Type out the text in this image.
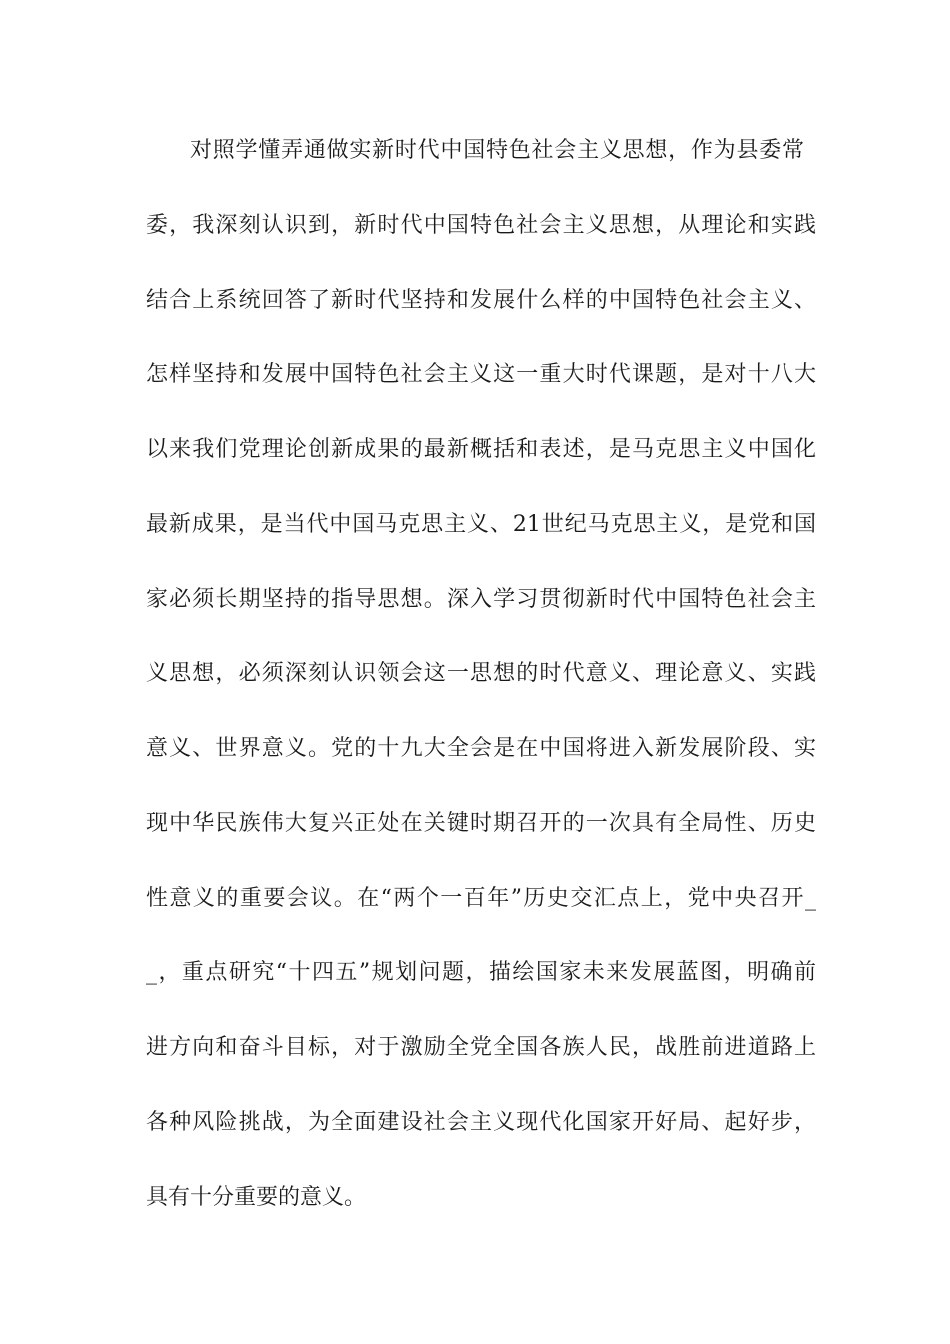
对照学懂弄通做实新时代中国特色社会主义思想，作为县委常
委，我深刻认识到，新时代中国特色社会主义思想，从理论和实践
结合上系统回答了新时代坚持和发展什么样的中国特色社会主义、
怎样坚持和发展中国特色社会主义这一重大时代课题，是对十八大
以来我们党理论创新成果的最新概括和表述，是马克思主义中国化
最新成果，是当代中国马克思主义、21世纪马克思主义，是党和国
家必须长期坚持的指导思想。深入学习贯彻新时代中国特色社会主
义思想，必须深刻认识领会这一思想的时代意义、理论意义、实践
意义、世界意义。党的十九大全会是在中国将进入新发展阶段、实
现中华民族伟大复兴正处在关键时期召开的一次具有全局性、历史
性意义的重要会议。在“两个一百年”历史交汇点上，党中央召开_
_，重点研究“十四五”规划问题，描绘国家未来发展蓝图，明确前
进方向和奋斗目标，对于激励全党全国各族人民，战胜前进道路上
各种风险挑战，为全面建设社会主义现代化国家开好局、起好步，
具有十分重要的意义。
